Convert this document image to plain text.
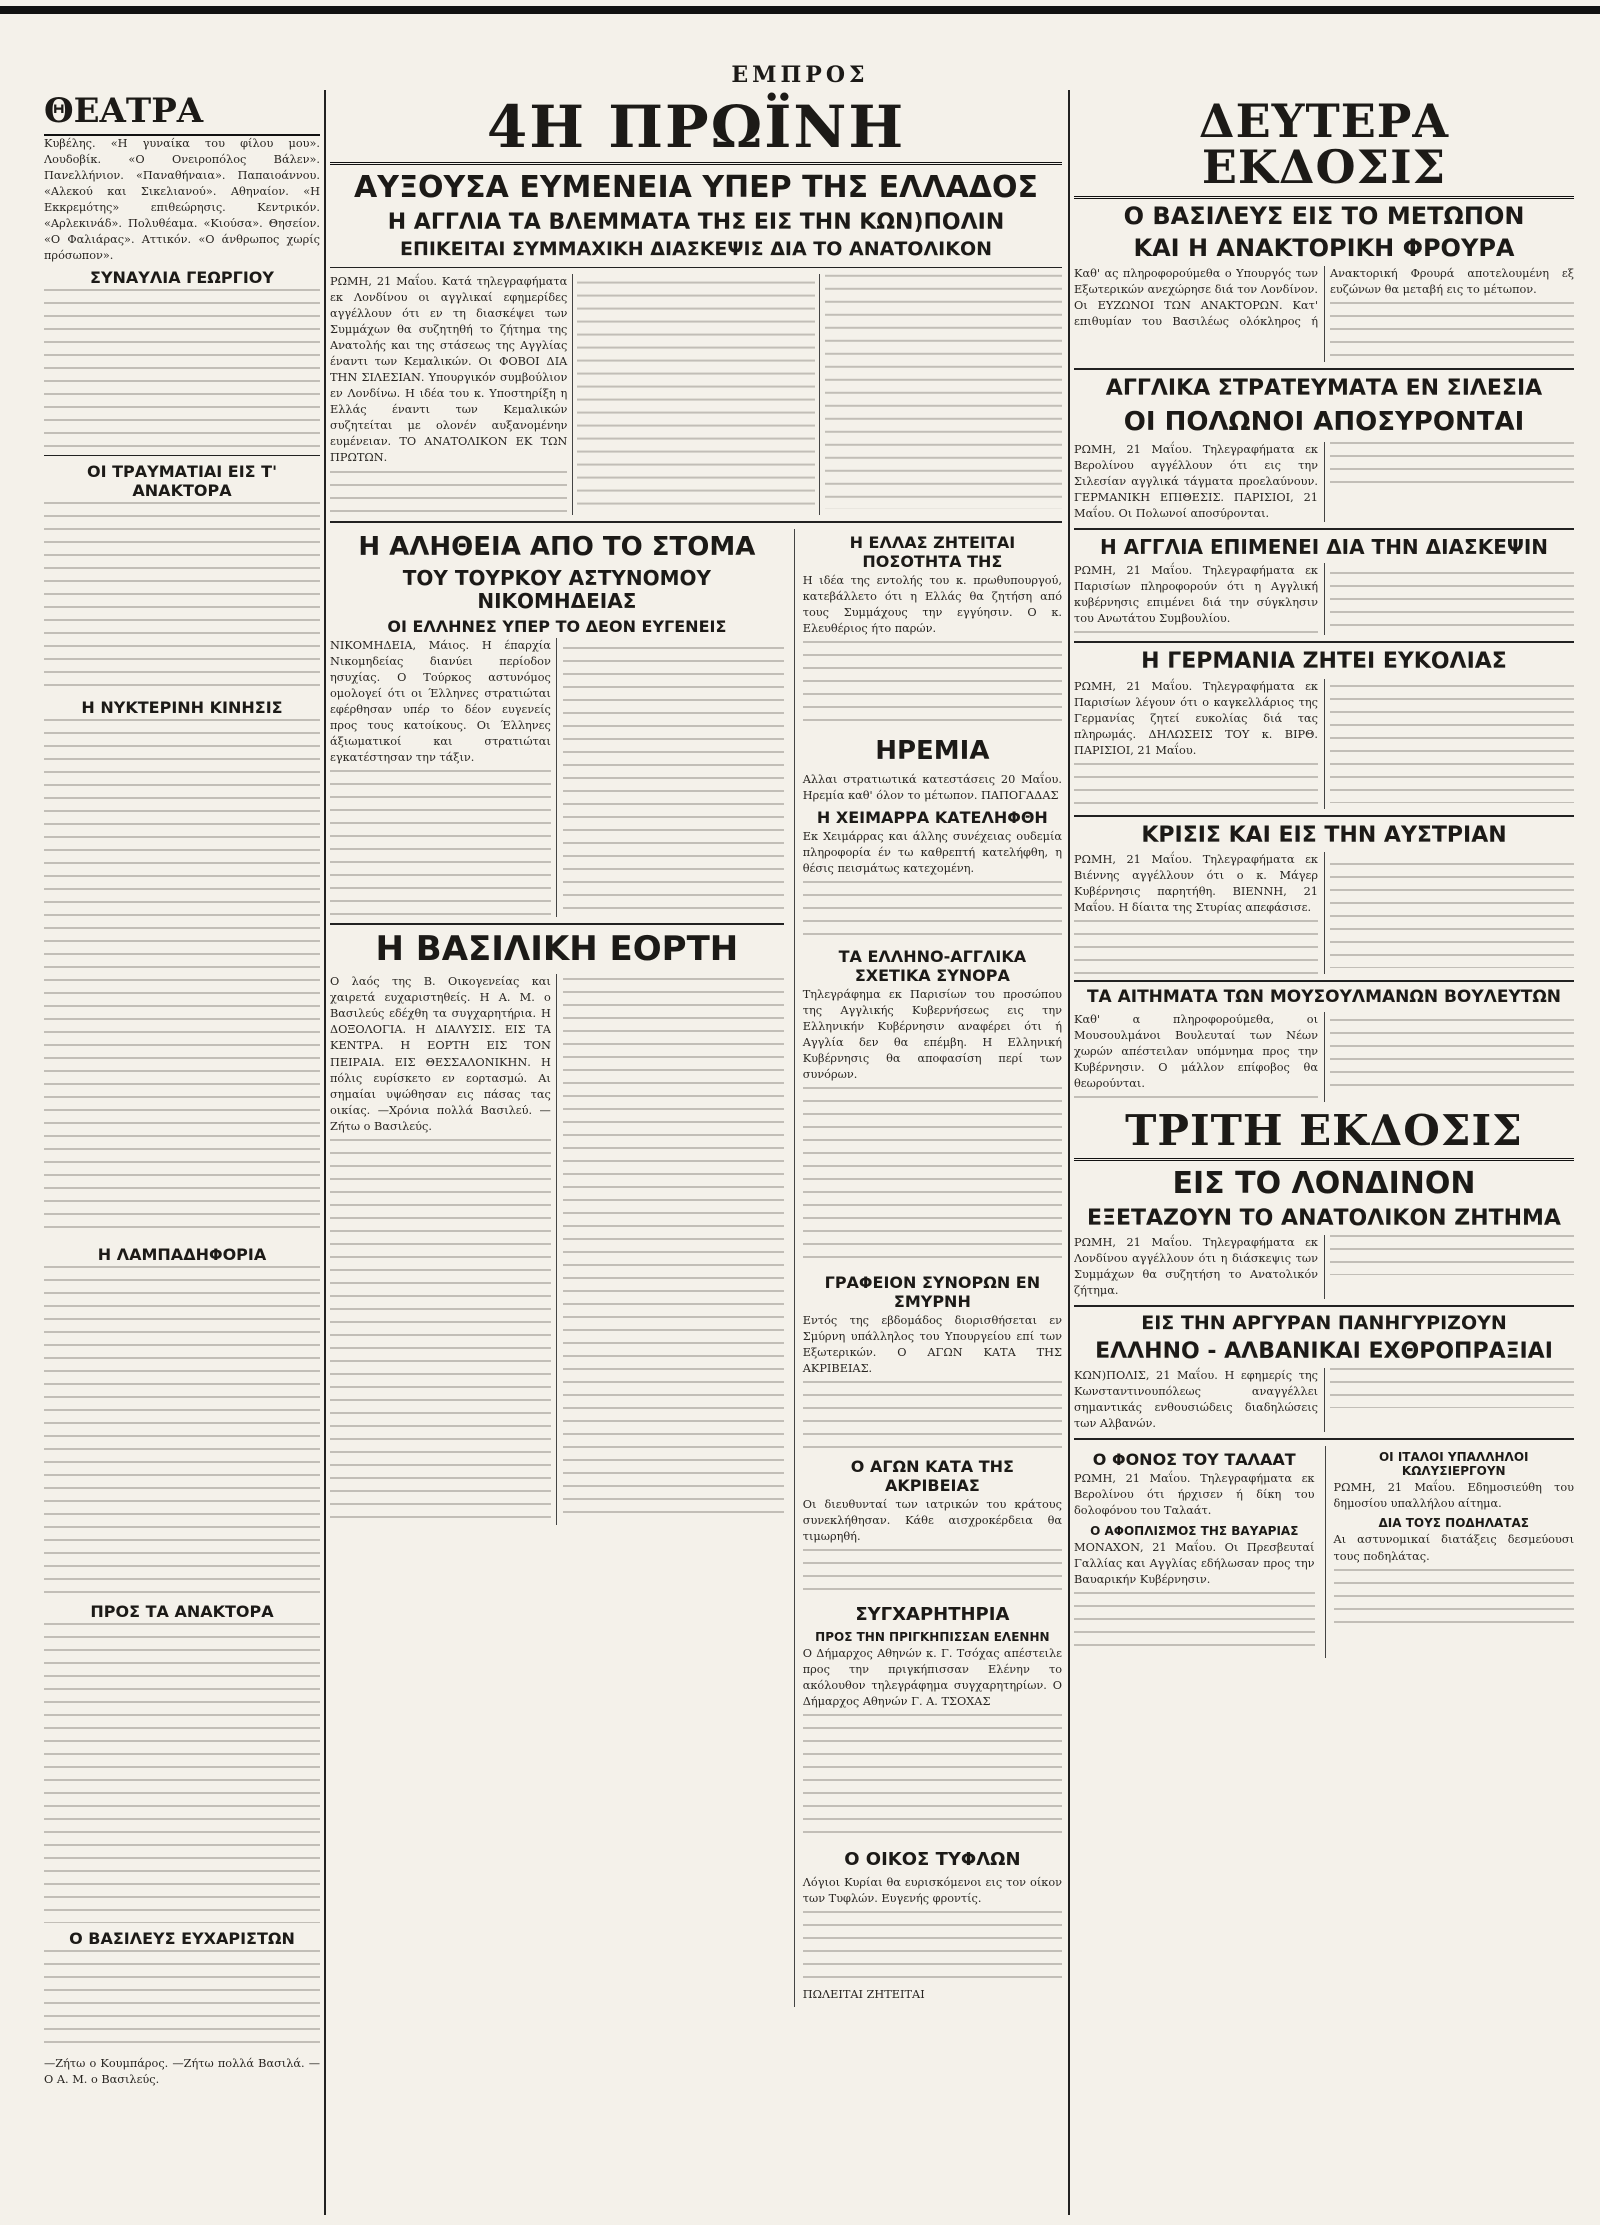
ΕΜΠΡΟΣ
ΘΕΑΤΡΑ

Κυβέλης. «Η γυναίκα του φίλου μου». Λουδοβίκ. «Ο Ονειροπόλος Βάλεν». Πανελλήνιον. «Παναθήναια». Παπαιοάννου. «Αλεκού και Σικελιανού». Αθηναίον. «Η Εκκρεμότης» επιθεώρησις. Κεντρικόν. «Αρλεκινάδ». Πολυθέαμα. «Κιούσα». Θησείον. «Ο Φαλιάρας». Αττικόν. «Ο άνθρωπος χωρίς πρόσωπον».

ΣΥΝΑΥΛΙΑ ΓΕΩΡΓΙΟΥ
ΟΙ ΤΡΑΥΜΑΤΙΑΙ ΕΙΣ Τ' ΑΝΑΚΤΟΡΑ
Η ΝΥΚΤΕΡΙΝΗ ΚΙΝΗΣΙΣ
Η ΛΑΜΠΑΔΗΦΟΡΙΑ
ΠΡΟΣ ΤΑ ΑΝΑΚΤΟΡΑ
Ο ΒΑΣΙΛΕΥΣ ΕΥΧΑΡΙΣΤΩΝ

—Ζήτω ο Κουμπάρος. —Ζήτω πολλά Βασιλά. —Ο Α. Μ. ο Βασιλεύς.

4Η ΠΡΩΪΝΗ
ΑΥΞΟΥΣΑ ΕΥΜΕΝΕΙΑ ΥΠΕΡ ΤΗΣ ΕΛΛΑΔΟΣ
Η ΑΓΓΛΙΑ ΤΑ ΒΛΕΜΜΑΤΑ ΤΗΣ ΕΙΣ ΤΗΝ ΚΩΝ)ΠΟΛΙΝ
ΕΠΙΚΕΙΤΑΙ ΣΥΜΜΑΧΙΚΗ ΔΙΑΣΚΕΨΙΣ ΔΙΑ ΤΟ ΑΝΑΤΟΛΙΚΟΝ

ΡΩΜΗ, 21 Μαΐου. Κατά τηλεγραφήματα εκ Λονδίνου οι αγγλικαί εφημερίδες αγγέλλουν ότι εν τη διασκέψει των Συμμάχων θα συζητηθή το ζήτημα της Ανατολής και της στάσεως της Αγγλίας έναντι των Κεμαλικών. Οι ΦΟΒΟΙ ΔΙΑ ΤΗΝ ΣΙΛΕΣΙΑΝ. Υπουργικόν συμβούλιον εν Λονδίνω. Η ιδέα του κ. Υποστηρίξη η Ελλάς έναντι των Κεμαλικών συζητείται με ολονέν αυξανομένην ευμένειαν. ΤΟ ΑΝΑΤΟΛΙΚΟΝ ΕΚ ΤΩΝ ΠΡΩΤΩΝ.

Η ΑΛΗΘΕΙΑ ΑΠΟ ΤΟ ΣΤΟΜΑ
ΤΟΥ ΤΟΥΡΚΟΥ ΑΣΤΥΝΟΜΟΥ ΝΙΚΟΜΗΔΕΙΑΣ
ΟΙ ΕΛΛΗΝΕΣ ΥΠΕΡ ΤΟ ΔΕΟΝ ΕΥΓΕΝΕΙΣ

ΝΙΚΟΜΗΔΕΙΑ, Μάιος. Η έπαρχία Νικομηδείας διανύει περίοδον ησυχίας. Ο Τούρκος αστυνόμος ομολογεί ότι οι Έλληνες στρατιώται εφέρθησαν υπέρ το δέον ευγενείς προς τους κατοίκους. Οι Έλληνες άξιωματικοί και στρατιώται εγκατέστησαν την τάξιν.

Η ΒΑΣΙΛΙΚΗ ΕΟΡΤΗ

Ο λαός της Β. Οικογενείας και χαιρετά ευχαριστηθείς. Η Α. Μ. ο Βασιλεύς εδέχθη τα συγχαρητήρια. Η ΔΟΞΟΛΟΓΙΑ. Η ΔΙΑΛΥΣΙΣ. ΕΙΣ ΤΑ ΚΕΝΤΡΑ. Η ΕΟΡΤΗ ΕΙΣ ΤΟΝ ΠΕΙΡΑΙΑ. ΕΙΣ ΘΕΣΣΑΛΟΝΙΚΗΝ. Η πόλις ευρίσκετο εν εορτασμώ. Αι σημαίαι υψώθησαν εις πάσας τας οικίας. —Χρόνια πολλά Βασιλεύ. —Ζήτω ο Βασιλεύς.

Η ΕΛΛΑΣ ΖΗΤΕΙΤΑΙ ΠΟΣΟΤΗΤΑ ΤΗΣ

Η ιδέα της εντολής του κ. πρωθυπουργού, κατεβάλλετο ότι η Ελλάς θα ζητήση από τους Συμμάχους την εγγύησιν. Ο κ. Ελευθέριος ήτο παρών.

ΗΡΕΜΙΑ

Αλλαι στρατιωτικά κατεστάσεις 20 Μαΐου. Ηρεμία καθ' όλον το μέτωπον. ΠΑΠΟΓΑΔΑΣ

Η ΧΕΙΜΑΡΡΑ ΚΑΤΕΛΗΦΘΗ

Εκ Χειμάρρας και άλλης συνέχειας ουδεμία πληροφορία έν τω καθρεπτή κατελήφθη, η θέσις πεισμάτως κατεχομένη.

ΤΑ ΕΛΛΗΝΟ-ΑΓΓΛΙΚΑ ΣΧΕΤΙΚΑ ΣΥΝΟΡΑ

Τηλεγράφημα εκ Παρισίων του προσώπου της Αγγλικής Κυβερνήσεως εις την Ελληνικήν Κυβέρνησιν αναφέρει ότι ή Αγγλία δεν θα επέμβη. Η Ελληνική Κυβέρνησις θα αποφασίση περί των συνόρων.

ΓΡΑΦΕΙΟΝ ΣΥΝΟΡΩΝ ΕΝ ΣΜΥΡΝΗ

Εντός της εβδομάδος διορισθήσεται εν Σμύρνη υπάλληλος του Υπουργείου επί των Εξωτερικών. Ο ΑΓΩΝ ΚΑΤΑ ΤΗΣ ΑΚΡΙΒΕΙΑΣ.

Ο ΑΓΩΝ ΚΑΤΑ ΤΗΣ ΑΚΡΙΒΕΙΑΣ

Οι διευθυνταί των ιατρικών του κράτους συνεκλήθησαν. Κάθε αισχροκέρδεια θα τιμωρηθή.

ΣΥΓΧΑΡΗΤΗΡΙΑ
ΠΡΟΣ ΤΗΝ ΠΡΙΓΚΗΠΙΣΣΑΝ ΕΛΕΝΗΝ

Ο Δήμαρχος Αθηνών κ. Γ. Τσόχας απέστειλε προς την πριγκήπισσαν Ελένην το ακόλουθον τηλεγράφημα συγχαρητηρίων. Ο Δήμαρχος Αθηνών Γ. Α. ΤΣΟΧΑΣ

Ο ΟΙΚΟΣ ΤΥΦΛΩΝ

Λόγιοι Κυρίαι θα ευρισκόμενοι εις τον οίκον των Τυφλών. Ευγενής φροντίς.

ΠΩΛΕΙΤΑΙ ΖΗΤΕΙΤΑΙ

ΔΕΥΤΕΡΑ ΕΚΔΟΣΙΣ
Ο ΒΑΣΙΛΕΥΣ ΕΙΣ ΤΟ ΜΕΤΩΠΟΝ
ΚΑΙ Η ΑΝΑΚΤΟΡΙΚΗ ΦΡΟΥΡΑ

Καθ' ας πληροφορούμεθα ο Υπουργός των Εξωτερικών ανεχώρησε διά τον Λονδίνον. Οι ΕΥΖΩΝΟΙ ΤΩΝ ΑΝΑΚΤΟΡΩΝ. Κατ' επιθυμίαν του Βασιλέως ολόκληρος ή Ανακτορική Φρουρά αποτελουμένη εξ ευζώνων θα μεταβή εις το μέτωπον.

ΑΓΓΛΙΚΑ ΣΤΡΑΤΕΥΜΑΤΑ ΕΝ ΣΙΛΕΣΙΑ
ΟΙ ΠΟΛΩΝΟΙ ΑΠΟΣΥΡΟΝΤΑΙ

ΡΩΜΗ, 21 Μαΐου. Τηλεγραφήματα εκ Βερολίνου αγγέλλουν ότι εις την Σιλεσίαν αγγλικά τάγματα προελαύνουν. ΓΕΡΜΑΝΙΚΗ ΕΠΙΘΕΣΙΣ. ΠΑΡΙΣΙΟΙ, 21 Μαΐου. Οι Πολωνοί αποσύρονται.

Η ΑΓΓΛΙΑ ΕΠΙΜΕΝΕΙ ΔΙΑ ΤΗΝ ΔΙΑΣΚΕΨΙΝ

ΡΩΜΗ, 21 Μαΐου. Τηλεγραφήματα εκ Παρισίων πληροφορούν ότι η Αγγλική κυβέρνησις επιμένει διά την σύγκλησιν του Ανωτάτου Συμβουλίου.

Η ΓΕΡΜΑΝΙΑ ΖΗΤΕΙ ΕΥΚΟΛΙΑΣ

ΡΩΜΗ, 21 Μαΐου. Τηλεγραφήματα εκ Παρισίων λέγουν ότι ο καγκελλάριος της Γερμανίας ζητεί ευκολίας διά τας πληρωμάς. ΔΗΛΩΣΕΙΣ ΤΟΥ κ. ΒΙΡΘ. ΠΑΡΙΣΙΟΙ, 21 Μαΐου.

ΚΡΙΣΙΣ ΚΑΙ ΕΙΣ ΤΗΝ ΑΥΣΤΡΙΑΝ

ΡΩΜΗ, 21 Μαΐου. Τηλεγραφήματα εκ Βιέννης αγγέλλουν ότι ο κ. Μάγερ Κυβέρνησις παρητήθη. ΒΙΕΝΝΗ, 21 Μαΐου. Η δίαιτα της Στυρίας απεφάσισε.

ΤΑ ΑΙΤΗΜΑΤΑ ΤΩΝ ΜΟΥΣΟΥΛΜΑΝΩΝ ΒΟΥΛΕΥΤΩΝ

Καθ' α πληροφορούμεθα, οι Μουσουλμάνοι Βουλευταί των Νέων χωρών απέστειλαν υπόμνημα προς την Κυβέρνησιν. Ο μάλλον επίφοβος θα θεωρούνται.

ΤΡΙΤΗ ΕΚΔΟΣΙΣ
ΕΙΣ ΤΟ ΛΟΝΔΙΝΟΝ
ΕΞΕΤΑΖΟΥΝ ΤΟ ΑΝΑΤΟΛΙΚΟΝ ΖΗΤΗΜΑ

ΡΩΜΗ, 21 Μαΐου. Τηλεγραφήματα εκ Λονδίνου αγγέλλουν ότι η διάσκεψις των Συμμάχων θα συζητήση το Ανατολικόν ζήτημα.

ΕΙΣ ΤΗΝ ΑΡΓΥΡΑΝ ΠΑΝΗΓΥΡΙΖΟΥΝ
ΕΛΛΗΝΟ - ΑΛΒΑΝΙΚΑΙ ΕΧΘΡΟΠΡΑΞΙΑΙ

ΚΩΝ)ΠΟΛΙΣ, 21 Μαΐου. Η εφημερίς της Κωνσταντινουπόλεως αναγγέλλει σημαντικάς ενθουσιώδεις διαδηλώσεις των Αλβανών.

Ο ΦΟΝΟΣ ΤΟΥ ΤΑΛΑΑΤ

ΡΩΜΗ, 21 Μαΐου. Τηλεγραφήματα εκ Βερολίνου ότι ήρχισεν ή δίκη του δολοφόνου του Ταλαάτ.

Ο ΑΦΟΠΛΙΣΜΟΣ ΤΗΣ ΒΑΥΑΡΙΑΣ

ΜΟΝΑΧΟΝ, 21 Μαΐου. Οι Πρεσβευταί Γαλλίας και Αγγλίας εδήλωσαν προς την Βαυαρικήν Κυβέρνησιν.

ΟΙ ΙΤΑΛΟΙ ΥΠΑΛΛΗΛΟΙ ΚΩΛΥΣΙΕΡΓΟΥΝ

ΡΩΜΗ, 21 Μαΐου. Εδημοσιεύθη του δημοσίου υπαλλήλου αίτημα.

ΔΙΑ ΤΟΥΣ ΠΟΔΗΛΑΤΑΣ

Αι αστυνομικαί διατάξεις δεσμεύουσι τους ποδηλάτας.
